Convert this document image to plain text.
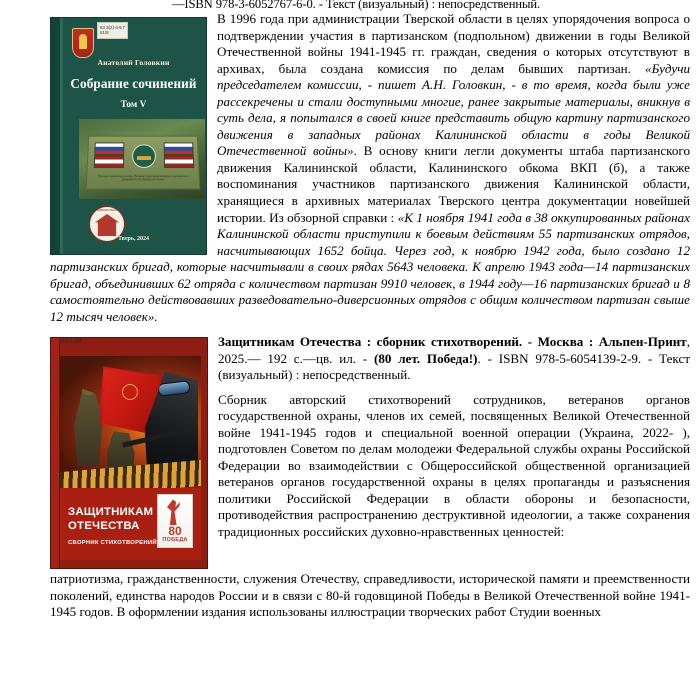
—ISBN 978-3-6052767-6-0. - Текст (визуальный) : непосредственный.
63 3(2)-4-5 Г 61/5
Анатолий Головкин
Собрание сочинений
Том V
Мемориал памяти жертв войны, Великой Отечественной войны и партизанского движения России, Беларуси и Латвии
БИБЛИОТЕКА
Тверь, 2024

В 1996 года при администрации Тверской области в целях упорядочения вопроса о подтверждении участия в партизанском (подпольном) движении в годы Великой Отечественной войны 1941-1945 гг. граждан, сведения о которых отсутствуют в архивах, была создана комиссия по делам бывших партизан. «Будучи председателем комиссии, - пишет А.Н. Головкин, - в то время, когда были уже рассекречены и стали доступными многие, ранее закрытые материалы, вникнув в суть дела, я попытался в своей книге представить общую картину партизанского движения в западных районах Калининской области в годы Великой Отечественной войны». В основу книги легли документы штаба партизанского движения Калининской области, Калининского обкома ВКП (б), а также воспоминания участников партизанского движения Калининской области, хранящиеся в архивных материалах Тверского центра документации новейшей истории. Из обзорной справки : «К 1 ноября 1941 года в 38 оккупированных районах Калининской области приступили к боевым действиям 55 партизанских отрядов, насчитывающих 1652 бойца. Через год, к ноябрю 1942 года, было создано 12 партизанских бригад, которые насчитывали в своих рядах 5643 человека. К апрелю 1943 года—14 партизанских бригад, объединивших 62 отряда с количеством партизан 9910 человек, в 1944 году—16 партизанских бригад и 8 самостоятельно действовавших разведовательно-диверсионных отрядов с общим количеством партизан свыше 12 тысяч человек».

63 3-80
ЗАЩИТНИКАМ
ОТЕЧЕСТВА
СБОРНИК СТИХОТВОРЕНИЙ
80
ПОБЕДА

Защитникам Отечества : сборник стихотворений. - Москва : Альпен-Принт, 2025.— 192 с.—цв. ил. - (80 лет. Победа!). - ISBN 978-5-6054139-2-9. - Текст (визуальный) : непосредственный.

Сборник авторский стихотворений сотрудников, ветеранов органов государственной охраны, членов их семей, посвященных Великой Отечественной войне 1941-1945 годов и специальной военной операции (Украина, 2022- ), подготовлен Советом по делам молодежи Федеральной службы охраны Российской Федерации во взаимодействии с Общероссийской общественной организацией ветеранов органов государственной охраны в целях пропаганды и разъяснения политики Российской Федерации в области обороны и безопасности, противодействия распространению деструктивной идеологии, а также сохранения традиционных российских духовно-нравственных ценностей:

патриотизма, гражданственности, служения Отечеству, справедливости, исторической памяти и преемственности поколений, единства народов России и в связи с 80-й годовщиной Победы в Великой Отечественной войне 1941-1945 годов. В оформлении издания использованы иллюстрации творческих работ Студии военных
